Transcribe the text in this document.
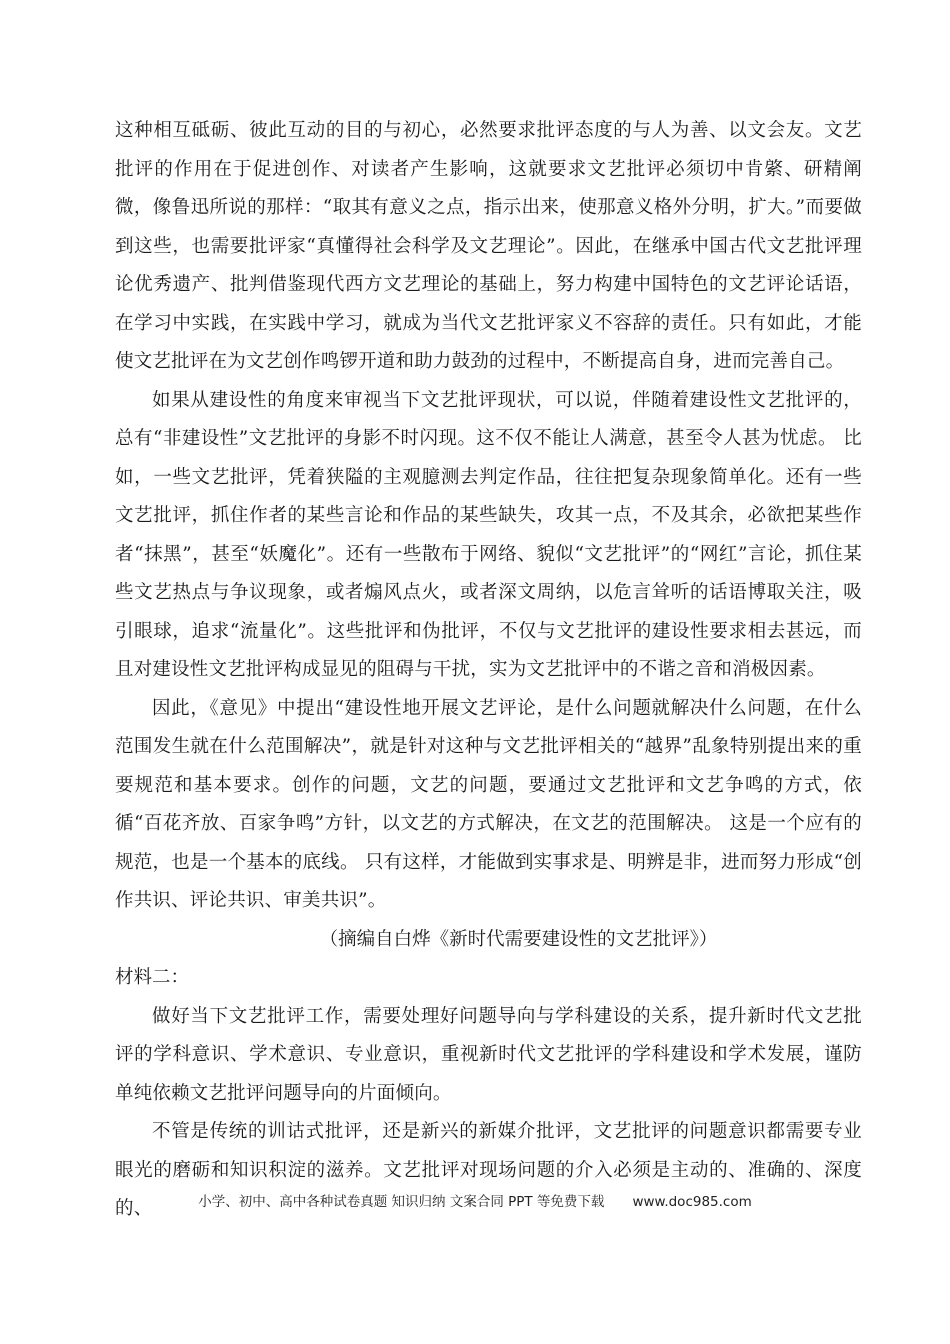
这种相互砥砺、彼此互动的目的与初心，必然要求批评态度的与人为善、以文会友。文艺批评的作用在于促进创作、对读者产生影响，这就要求文艺批评必须切中肯綮、研精阐微，像鲁迅所说的那样：“取其有意义之点，指示出来，使那意义格外分明，扩大。”而要做到这些，也需要批评家“真懂得社会科学及文艺理论”。因此，在继承中国古代文艺批评理论优秀遗产、批判借鉴现代西方文艺理论的基础上，努力构建中国特色的文艺评论话语，在学习中实践，在实践中学习，就成为当代文艺批评家义不容辞的责任。只有如此，才能使文艺批评在为文艺创作鸣锣开道和助力鼓劲的过程中，不断提高自身，进而完善自己。

如果从建设性的角度来审视当下文艺批评现状，可以说，伴随着建设性文艺批评的，总有“非建设性”文艺批评的身影不时闪现。这不仅不能让人满意，甚至令人甚为忧虑。 比如，一些文艺批评，凭着狭隘的主观臆测去判定作品，往往把复杂现象简单化。还有一些文艺批评，抓住作者的某些言论和作品的某些缺失，攻其一点，不及其余，必欲把某些作者“抹黑”，甚至“妖魔化”。还有一些散布于网络、貌似“文艺批评”的“网红”言论，抓住某些文艺热点与争议现象，或者煽风点火，或者深文周纳，以危言耸听的话语博取关注，吸引眼球，追求“流量化”。这些批评和伪批评，不仅与文艺批评的建设性要求相去甚远，而且对建设性文艺批评构成显见的阻碍与干扰，实为文艺批评中的不谐之音和消极因素。

因此，《意见》中提出“建设性地开展文艺评论，是什么问题就解决什么问题，在什么范围发生就在什么范围解决”，就是针对这种与文艺批评相关的“越界”乱象特别提出来的重要规范和基本要求。创作的问题，文艺的问题，要通过文艺批评和文艺争鸣的方式，依循“百花齐放、百家争鸣”方针，以文艺的方式解决，在文艺的范围解决。 这是一个应有的规范，也是一个基本的底线。 只有这样，才能做到实事求是、明辨是非，进而努力形成“创作共识、评论共识、审美共识”。

（摘编自白烨《新时代需要建设性的文艺批评》）

材料二：

做好当下文艺批评工作，需要处理好问题导向与学科建设的关系，提升新时代文艺批评的学科意识、学术意识、专业意识，重视新时代文艺批评的学科建设和学术发展，谨防单纯依赖文艺批评问题导向的片面倾向。

不管是传统的训诂式批评，还是新兴的新媒介批评，文艺批评的问题意识都需要专业眼光的磨砺和知识积淀的滋养。文艺批评对现场问题的介入必须是主动的、准确的、深度的、	小学、初中、高中各种试卷真题 知识归纳 文案合同 PPT 等免费下载 www.doc985.com
